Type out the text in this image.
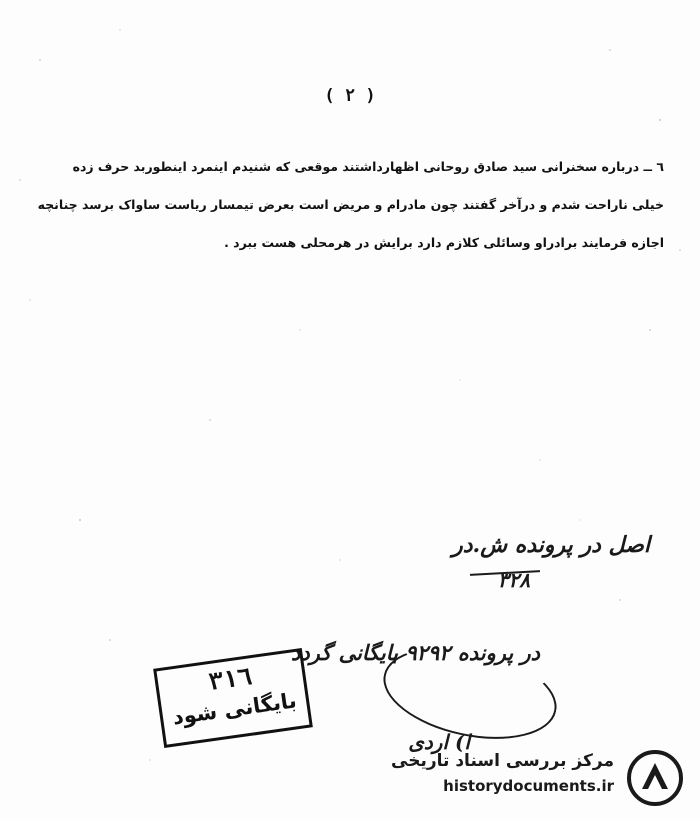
( ٢ )
٦ ــ درباره سخنرانی سید صادق روحانی اظهارداشتند موقعی که شنیدم اینمرد اینطوربد حرف زده
خیلی ناراحت شدم و درآخر گفتند چون مادرام و مریض است بعرض تیمسار ریاست ساواک برسد چنانچه
اجازه فرمایند برادراو وسائلی کلازم دارد برایش در هرمحلی هست ببرد .
اصل در پرونده ش.در
۳۲۸
در پرونده ۹۲۹۲ بایگانی گردد
ا) اردی
٣١٦
بایگانی شود
مرکز بررسی اسناد تاریخی
historydocuments.ir
